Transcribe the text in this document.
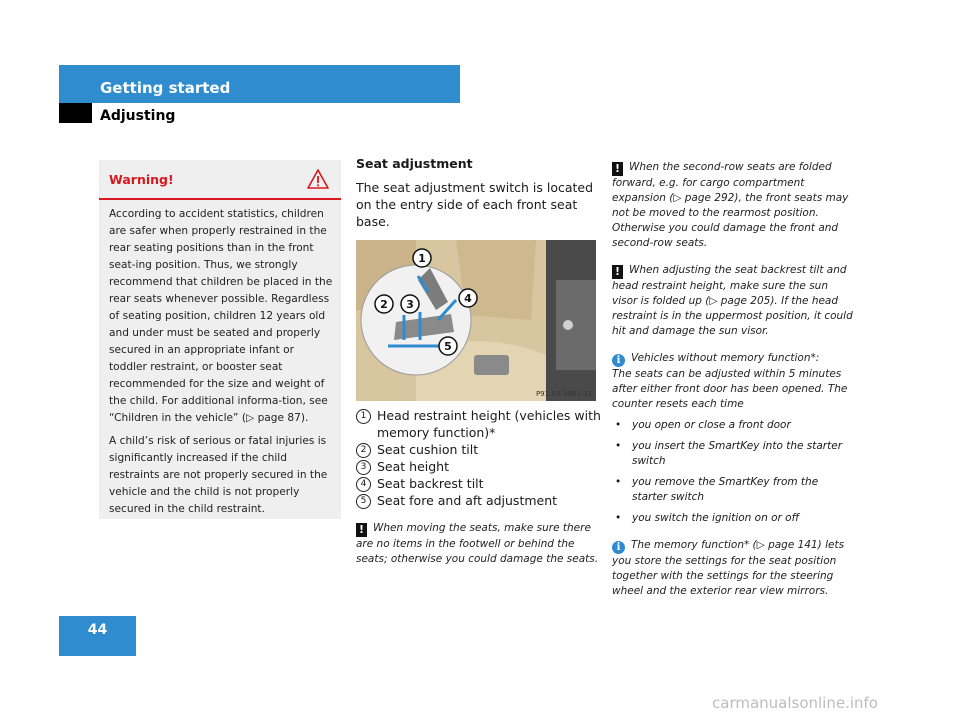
Getting started
Adjusting
Warning!

According to accident statistics, children are safer when properly restrained in the rear seating positions than in the front seat-ing position. Thus, we strongly recommend that children be placed in the rear seats whenever possible. Regardless of seating position, children 12 years old and under must be seated and properly secured in an appropriate infant or toddler restraint, or booster seat recommended for the size and weight of the child. For additional informa-tion, see “Children in the vehicle” (▷ page 87).

A child’s risk of serious or fatal injuries is significantly increased if the child restraints are not properly secured in the vehicle and the child is not properly secured in the child restraint.

Seat adjustment
The seat adjustment switch is located on the entry side of each front seat base.
1
2 3	4
5
P91.10-3061-31
1 Head restraint height (vehicles with memory function)*
2 Seat cushion tilt
3 Seat height
4 Seat backrest tilt
5 Seat fore and aft adjustment
! When moving the seats, make sure there are no items in the footwell or behind the seats; otherwise you could damage the seats.
! When the second-row seats are folded forward, e.g. for cargo compartment expansion (▷ page 292), the front seats may not be moved to the rearmost position. Otherwise you could damage the front and second-row seats.
! When adjusting the seat backrest tilt and head restraint height, make sure the sun visor is folded up (▷ page 205). If the head restraint is in the uppermost position, it could hit and damage the sun visor.
i Vehicles without memory function*:
The seats can be adjusted within 5 minutes after either front door has been opened. The counter resets each time
• you open or close a front door
• you insert the SmartKey into the starter switch
• you remove the SmartKey from the starter switch
• you switch the ignition on or off
i The memory function* (▷ page 141) lets you store the settings for the seat position together with the settings for the steering wheel and the exterior rear view mirrors.
44
carmanualsonline.info
